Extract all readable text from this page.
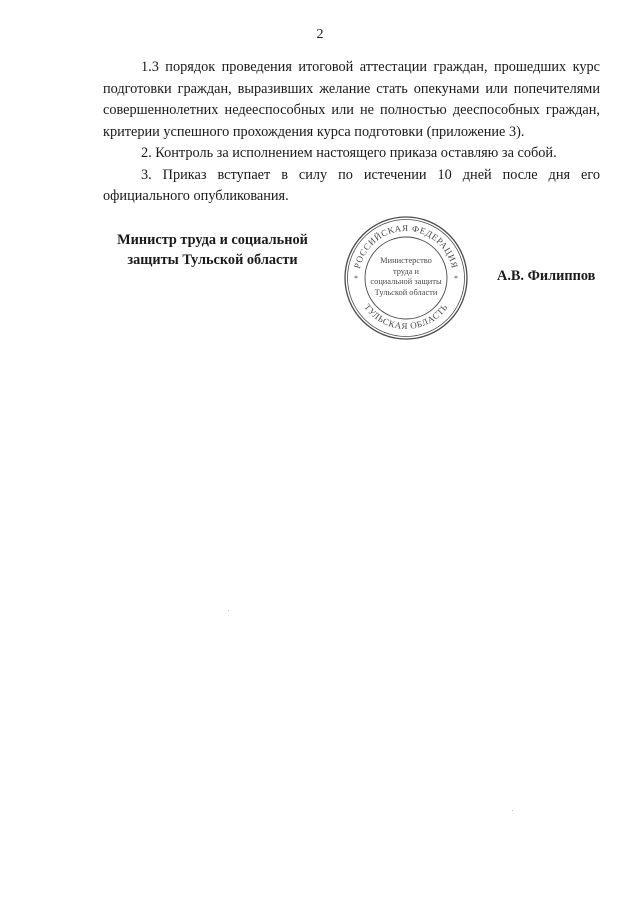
2

1.3 порядок проведения итоговой аттестации граждан, прошедших курс подготовки граждан, выразивших желание стать опекунами или попечителями совершеннолетних недееспособных или не полностью дееспособных граждан, критерии успешного прохождения курса подготовки (приложение 3).

2. Контроль за исполнением настоящего приказа оставляю за собой.

3. Приказ вступает в силу по истечении 10 дней после дня его официального опубликования.

Министр труда и социальной
защиты Тульской области	РОССИЙСКАЯ ФЕДЕРАЦИЯ
ТУЛЬСКАЯ ОБЛАСТЬ
*	*
Министерство
труда и
социальной защиты
Тульской области
А.В. Филиппов
